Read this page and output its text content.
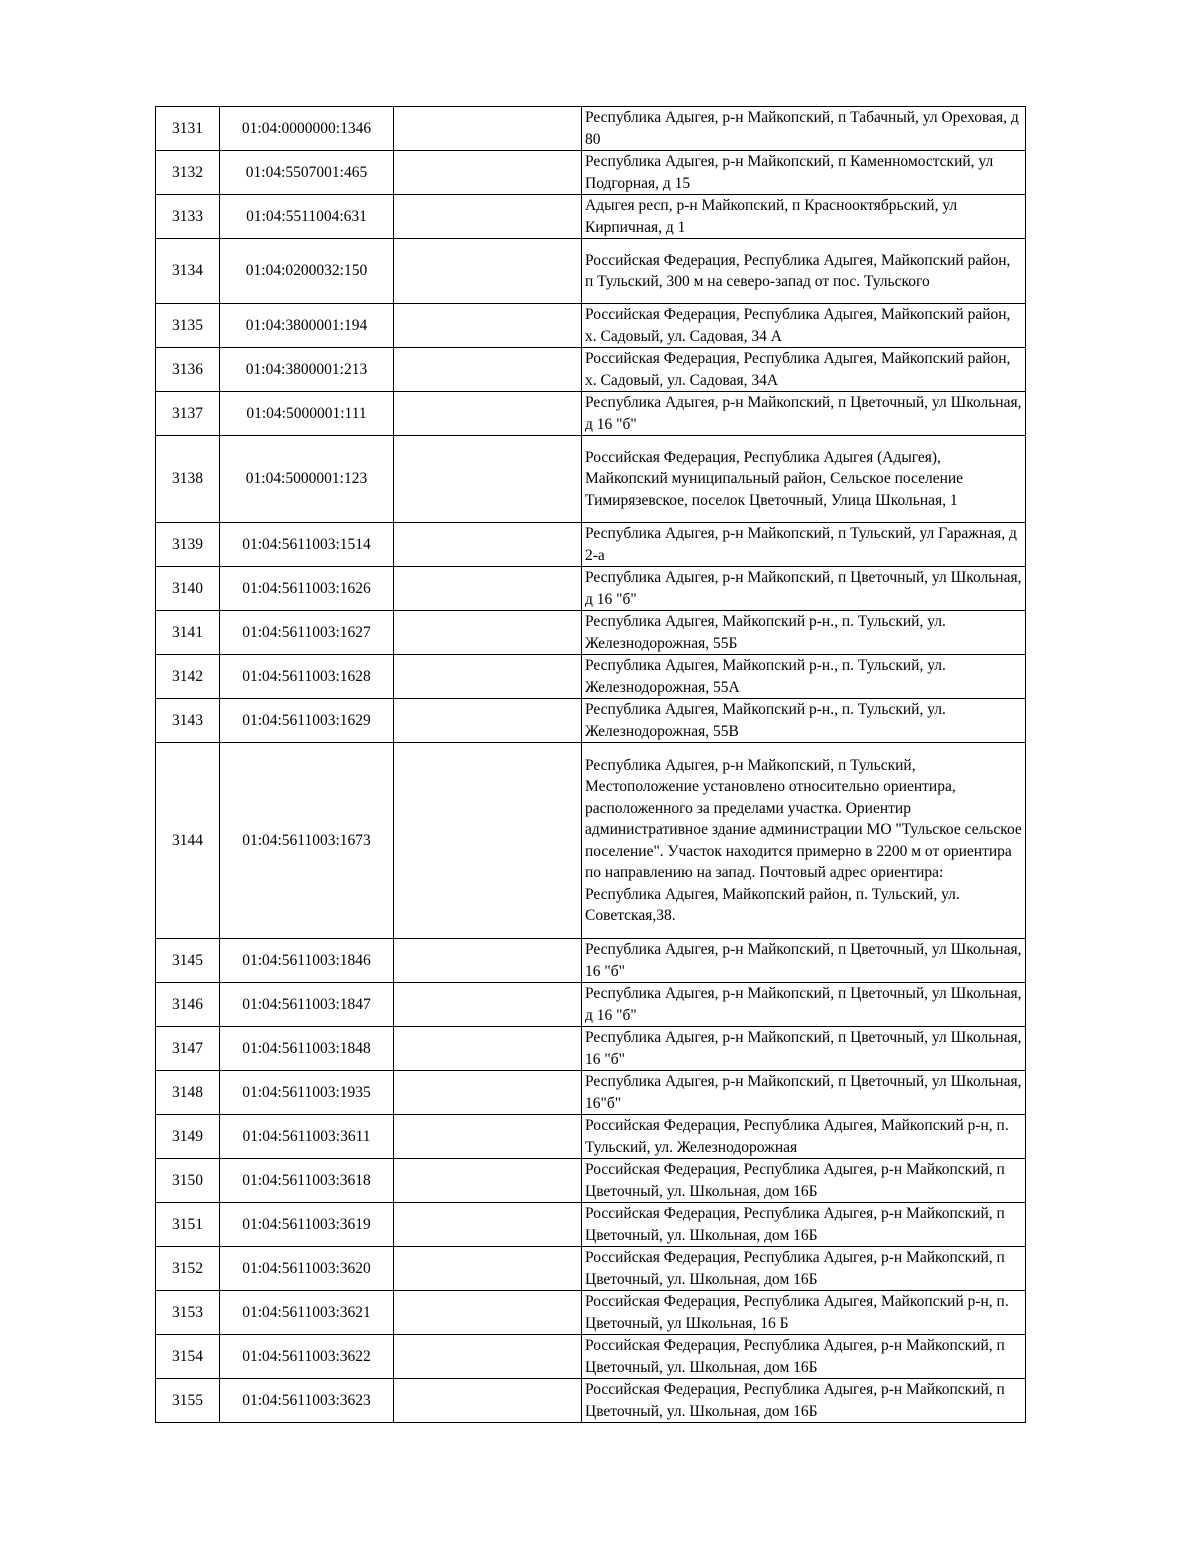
3131	01:04:0000000:1346		Республика Адыгея, р-н Майкопский, п Табачный, ул Ореховая, д 80
3132	01:04:5507001:465		Республика Адыгея, р-н Майкопский, п Каменномостский, ул Подгорная, д 15
3133	01:04:5511004:631		Адыгея респ, р-н Майкопский, п Краснооктябрьский, ул Кирпичная, д 1
3134	01:04:0200032:150		Российская Федерация, Республика Адыгея, Майкопский район, п Тульский, 300 м на северо-запад от пос. Тульского
3135	01:04:3800001:194		Российская Федерация, Республика Адыгея, Майкопский район, х. Садовый, ул. Садовая, 34 А
3136	01:04:3800001:213		Российская Федерация, Республика Адыгея, Майкопский район, х. Садовый, ул. Садовая, 34А
3137	01:04:5000001:111		Республика Адыгея, р-н Майкопский, п Цветочный, ул Школьная, д 16 "б"
3138	01:04:5000001:123		Российская Федерация, Республика Адыгея (Адыгея), Майкопский муниципальный район, Сельское поселение Тимирязевское, поселок Цветочный, Улица Школьная, 1
3139	01:04:5611003:1514		Республика Адыгея, р-н Майкопский, п Тульский, ул Гаражная, д 2-а
3140	01:04:5611003:1626		Республика Адыгея, р-н Майкопский, п Цветочный, ул Школьная, д 16 "б"
3141	01:04:5611003:1627		Республика Адыгея, Майкопский р-н., п. Тульский, ул. Железнодорожная, 55Б
3142	01:04:5611003:1628		Республика Адыгея, Майкопский р-н., п. Тульский, ул. Железнодорожная, 55А
3143	01:04:5611003:1629		Республика Адыгея, Майкопский р-н., п. Тульский, ул. Железнодорожная, 55В
3144	01:04:5611003:1673		Республика Адыгея, р-н Майкопский, п Тульский, Местоположение установлено относительно ориентира, расположенного за пределами участка. Ориентир административное здание администрации МО "Тульское сельское поселение". Участок находится примерно в 2200 м от ориентира по направлению на запад. Почтовый адрес ориентира: Республика Адыгея, Майкопский район, п. Тульский, ул. Советская,38.
3145	01:04:5611003:1846		Республика Адыгея, р-н Майкопский, п Цветочный, ул Школьная, 16 "б"
3146	01:04:5611003:1847		Республика Адыгея, р-н Майкопский, п Цветочный, ул Школьная, д 16 "б"
3147	01:04:5611003:1848		Республика Адыгея, р-н Майкопский, п Цветочный, ул Школьная, 16 "б"
3148	01:04:5611003:1935		Республика Адыгея, р-н Майкопский, п Цветочный, ул Школьная, 16"б"
3149	01:04:5611003:3611		Российская Федерация, Республика Адыгея, Майкопский р-н, п. Тульский, ул. Железнодорожная
3150	01:04:5611003:3618		Российская Федерация, Республика Адыгея, р-н Майкопский, п Цветочный, ул. Школьная, дом 16Б
3151	01:04:5611003:3619		Российская Федерация, Республика Адыгея, р-н Майкопский, п Цветочный, ул. Школьная, дом 16Б
3152	01:04:5611003:3620		Российская Федерация, Республика Адыгея, р-н Майкопский, п Цветочный, ул. Школьная, дом 16Б
3153	01:04:5611003:3621		Российская Федерация, Республика Адыгея, Майкопский р-н, п. Цветочный, ул Школьная, 16 Б
3154	01:04:5611003:3622		Российская Федерация, Республика Адыгея, р-н Майкопский, п Цветочный, ул. Школьная, дом 16Б
3155	01:04:5611003:3623		Российская Федерация, Республика Адыгея, р-н Майкопский, п Цветочный, ул. Школьная, дом 16Б
